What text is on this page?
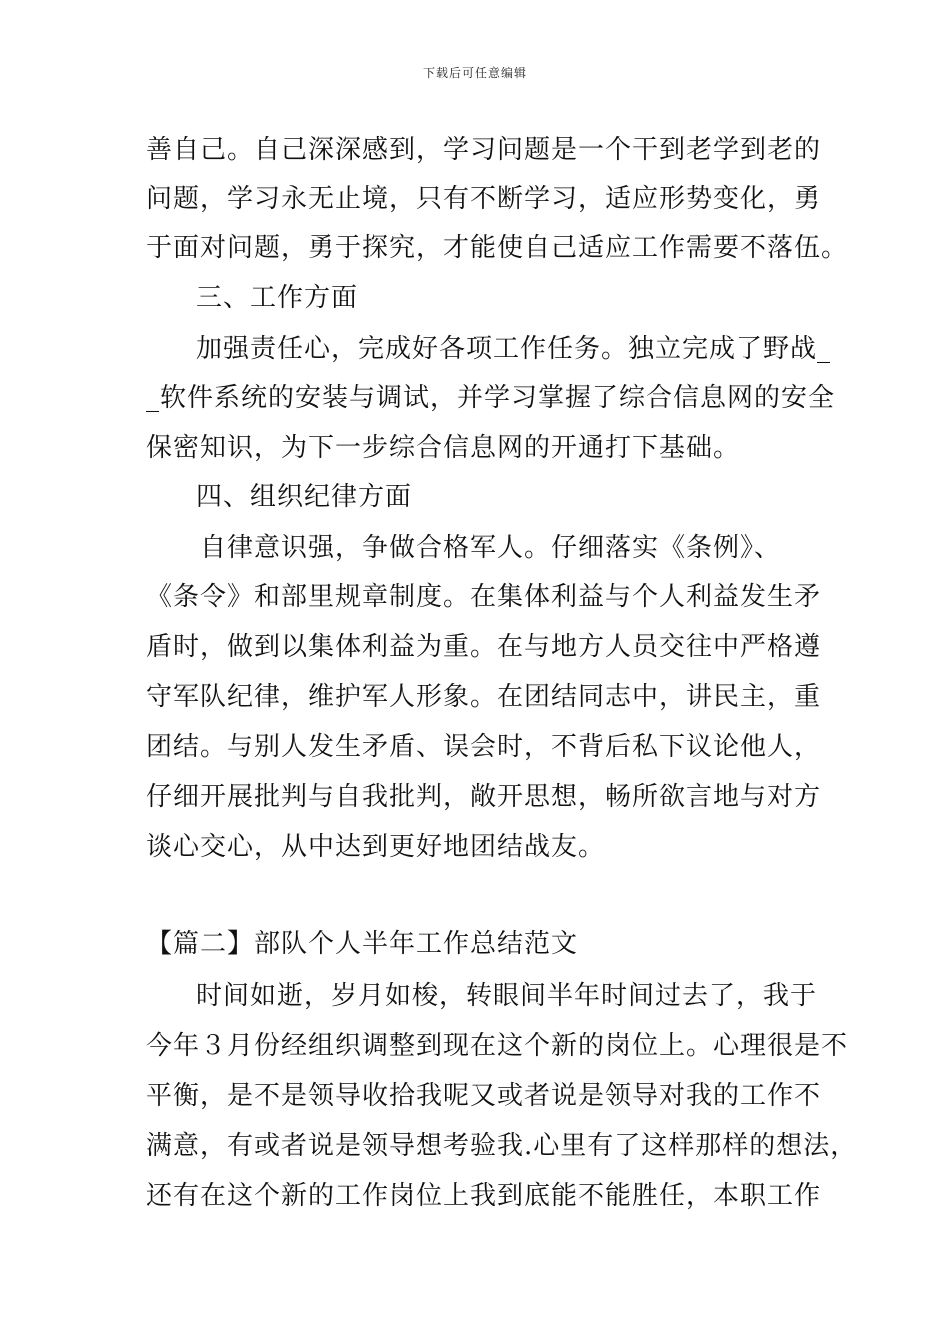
下载后可任意编辑
善自己。自己深深感到，学习问题是一个干到老学到老的
问题，学习永无止境，只有不断学习，适应形势变化，勇
于面对问题，勇于探究，才能使自己适应工作需要不落伍。
三、工作方面
加强责任心，完成好各项工作任务。独立完成了野战_
_软件系统的安装与调试，并学习掌握了综合信息网的安全
保密知识，为下一步综合信息网的开通打下基础。
四、组织纪律方面
自律意识强，争做合格军人。仔细落实《条例》、
《条令》和部里规章制度。在集体利益与个人利益发生矛
盾时，做到以集体利益为重。在与地方人员交往中严格遵
守军队纪律，维护军人形象。在团结同志中，讲民主，重
团结。与别人发生矛盾、误会时，不背后私下议论他人，
仔细开展批判与自我批判，敞开思想，畅所欲言地与对方
谈心交心，从中达到更好地团结战友。
【篇二】部队个人半年工作总结范文
时间如逝，岁月如梭，转眼间半年时间过去了，我于
今年３月份经组织调整到现在这个新的岗位上。心理很是不
平衡，是不是领导收拾我呢又或者说是领导对我的工作不
满意，有或者说是领导想考验我.心里有了这样那样的想法，
还有在这个新的工作岗位上我到底能不能胜任，本职工作
